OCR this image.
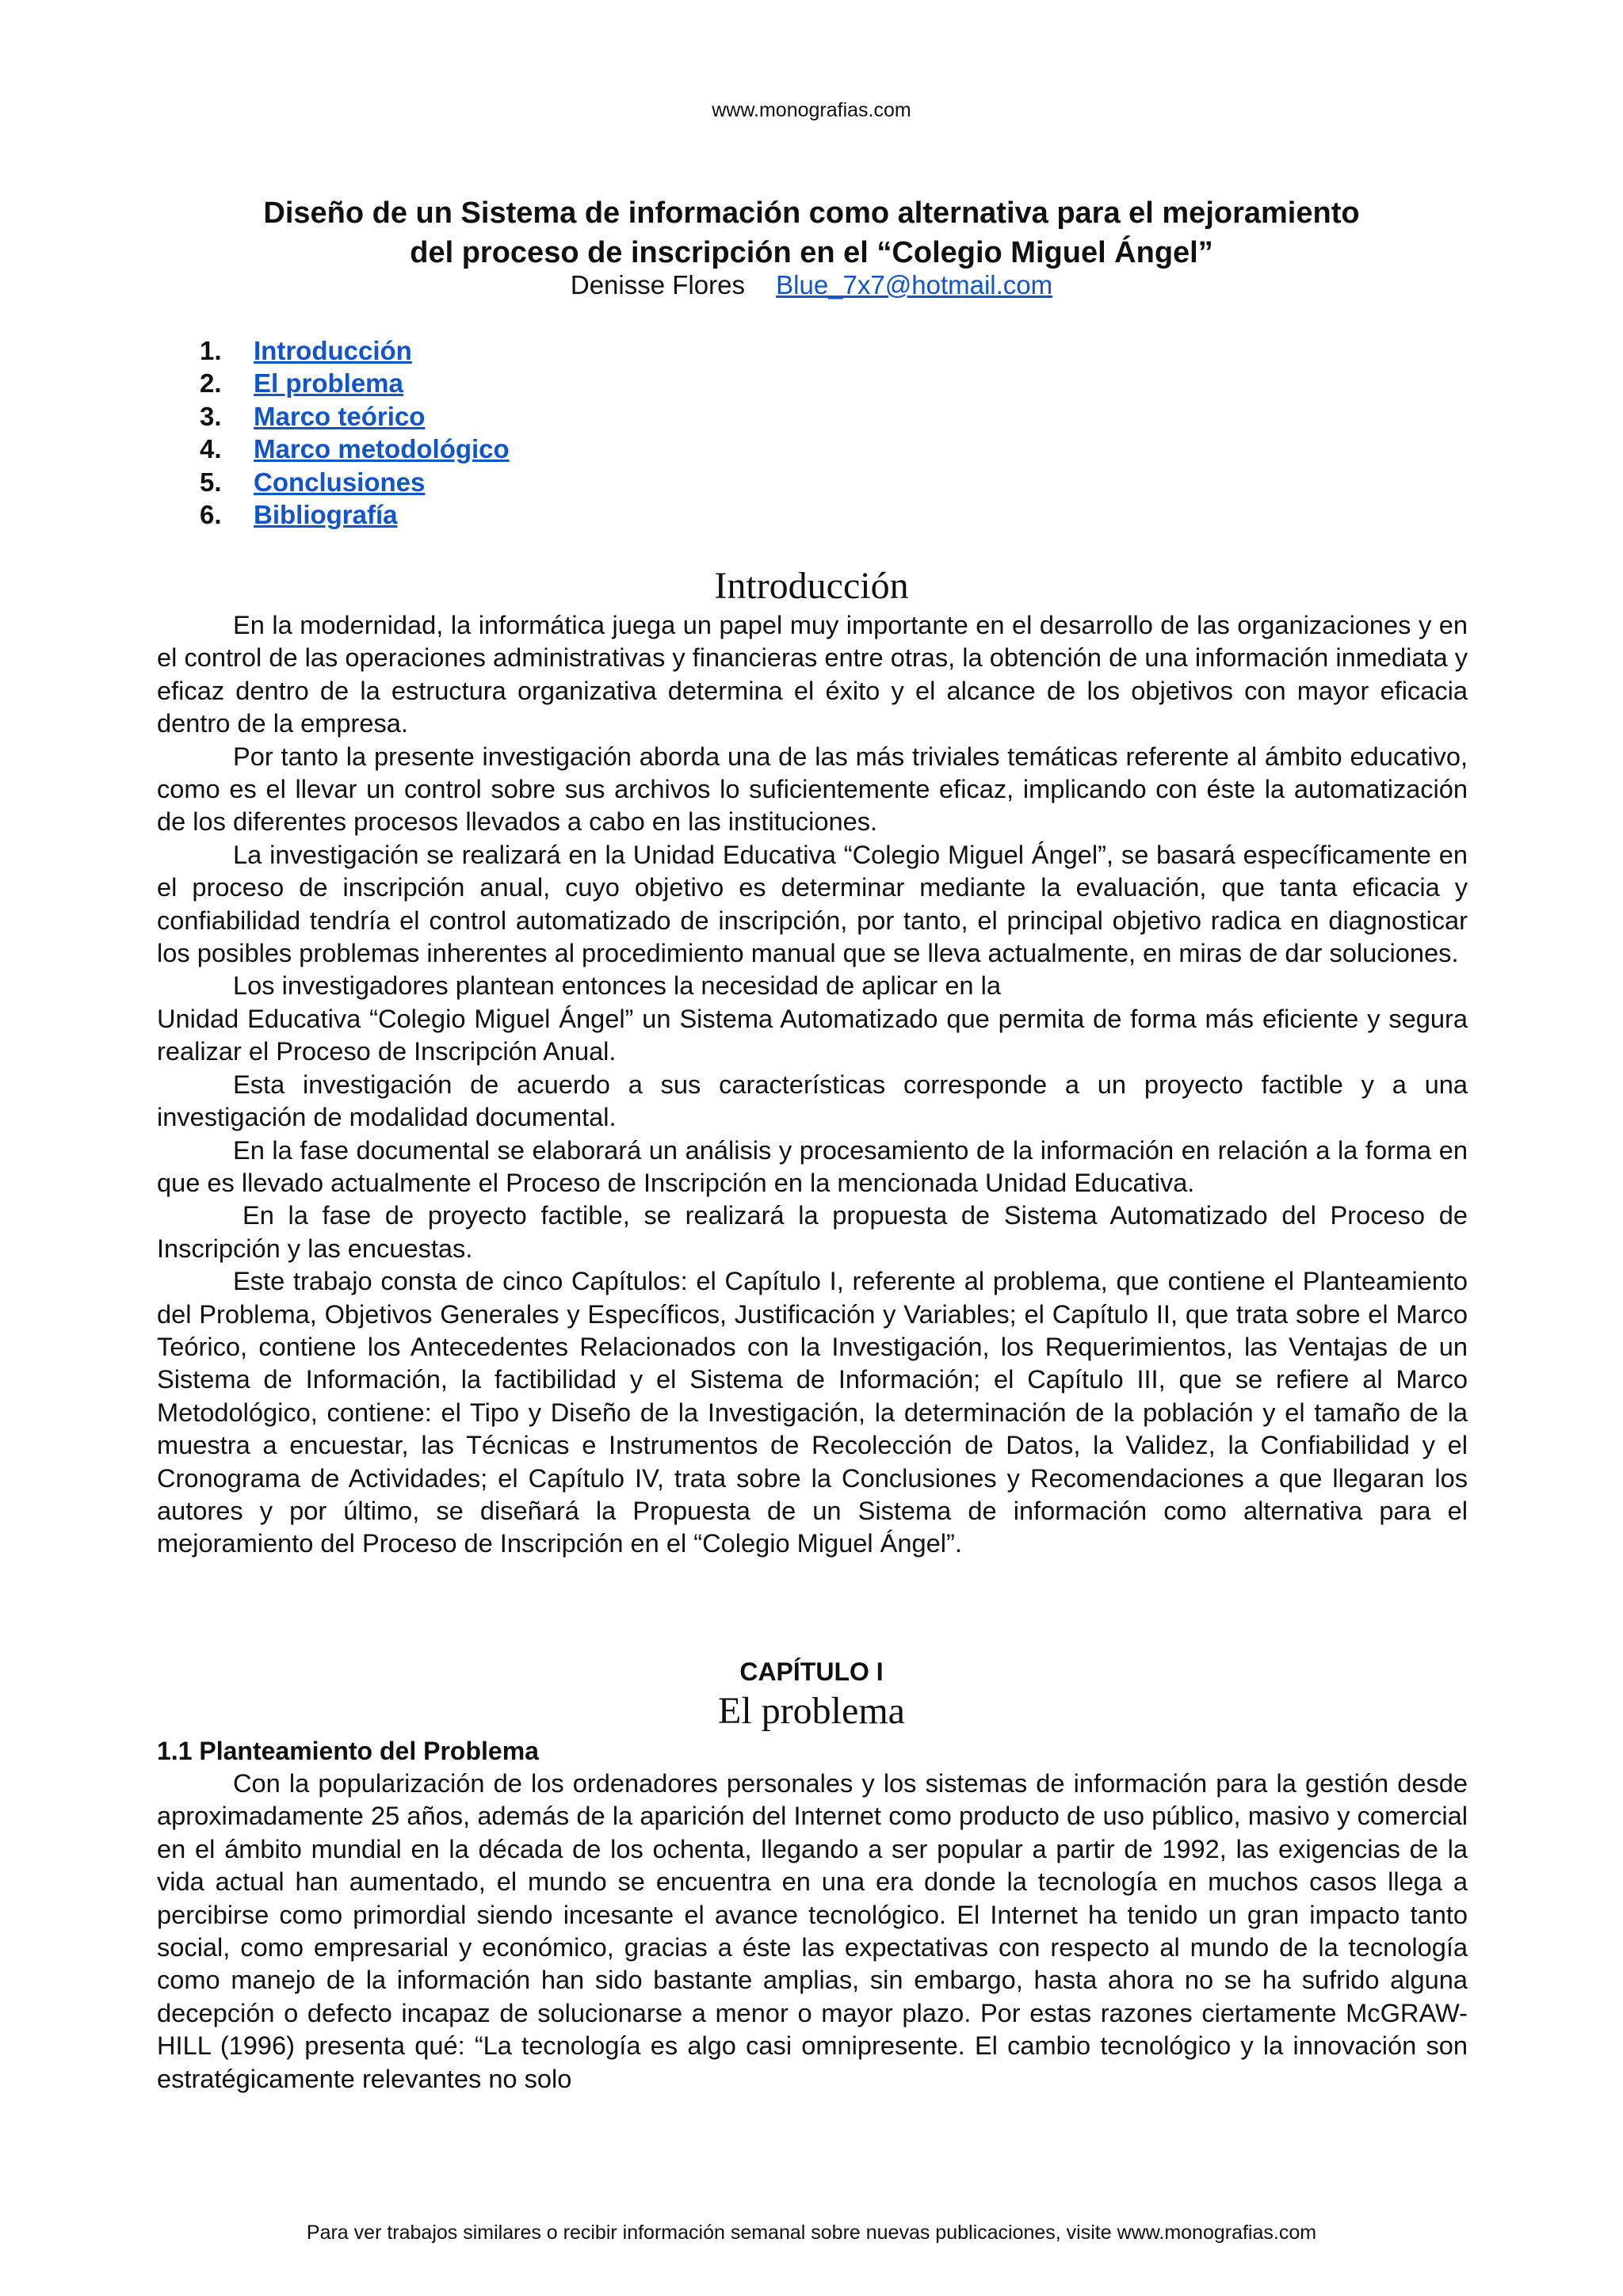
www.monografias.com
Diseño de un Sistema de información como alternativa para el mejoramiento
del proceso de inscripción en el “Colegio Miguel Ángel”
Denisse Flores Blue_7x7@hotmail.com
1. Introducción
2. El problema
3. Marco teórico
4. Marco metodológico
5. Conclusiones
6. Bibliografía
Introducción

En la modernidad, la informática juega un papel muy importante en el desarrollo de las organizaciones y en el control de las operaciones administrativas y financieras entre otras, la obtención de una información inmediata y eficaz dentro de la estructura organizativa determina el éxito y el alcance de los objetivos con mayor eficacia dentro de la empresa.

Por tanto la presente investigación aborda una de las más triviales temáticas referente al ámbito educativo, como es el llevar un control sobre sus archivos lo suficientemente eficaz, implicando con éste la automatización de los diferentes procesos llevados a cabo en las instituciones.

La investigación se realizará en la Unidad Educativa “Colegio Miguel Ángel”, se basará específicamente en el proceso de inscripción anual, cuyo objetivo es determinar mediante la evaluación, que tanta eficacia y confiabilidad tendría el control automatizado de inscripción, por tanto, el principal objetivo radica en diagnosticar los posibles problemas inherentes al procedimiento manual que se lleva actualmente, en miras de dar soluciones.

Los investigadores plantean entonces la necesidad de aplicar en la

Unidad Educativa “Colegio Miguel Ángel” un Sistema Automatizado que permita de forma más eficiente y segura realizar el Proceso de Inscripción Anual.

Esta investigación de acuerdo a sus características corresponde a un proyecto factible y a una investigación de modalidad documental.

En la fase documental se elaborará un análisis y procesamiento de la información en relación a la forma en que es llevado actualmente el Proceso de Inscripción en la mencionada Unidad Educativa.

En la fase de proyecto factible, se realizará la propuesta de Sistema Automatizado del Proceso de Inscripción y las encuestas.

Este trabajo consta de cinco Capítulos: el Capítulo I, referente al problema, que contiene el Planteamiento del Problema, Objetivos Generales y Específicos, Justificación y Variables; el Capítulo II, que trata sobre el Marco Teórico, contiene los Antecedentes Relacionados con la Investigación, los Requerimientos, las Ventajas de un Sistema de Información, la factibilidad y el Sistema de Información; el Capítulo III, que se refiere al Marco Metodológico, contiene: el Tipo y Diseño de la Investigación, la determinación de la población y el tamaño de la muestra a encuestar, las Técnicas e Instrumentos de Recolección de Datos, la Validez, la Confiabilidad y el Cronograma de Actividades; el Capítulo IV, trata sobre la Conclusiones y Recomendaciones a que llegaran los autores y por último, se diseñará la Propuesta de un Sistema de información como alternativa para el mejoramiento del Proceso de Inscripción en el “Colegio Miguel Ángel”.

CAPÍTULO I
El problema
1.1 Planteamiento del Problema

Con la popularización de los ordenadores personales y los sistemas de información para la gestión desde aproximadamente 25 años, además de la aparición del Internet como producto de uso público, masivo y comercial en el ámbito mundial en la década de los ochenta, llegando a ser popular a partir de 1992, las exigencias de la vida actual han aumentado, el mundo se encuentra en una era donde la tecnología en muchos casos llega a percibirse como primordial siendo incesante el avance tecnológico. El Internet ha tenido un gran impacto tanto social, como empresarial y económico, gracias a éste las expectativas con respecto al mundo de la tecnología como manejo de la información han sido bastante amplias, sin embargo, hasta ahora no se ha sufrido alguna decepción o defecto incapaz de solucionarse a menor o mayor plazo. Por estas razones ciertamente McGRAW-HILL (1996) presenta qué: “La tecnología es algo casi omnipresente. El cambio tecnológico y la innovación son estratégicamente relevantes no solo

Para ver trabajos similares o recibir información semanal sobre nuevas publicaciones, visite www.monografias.com
